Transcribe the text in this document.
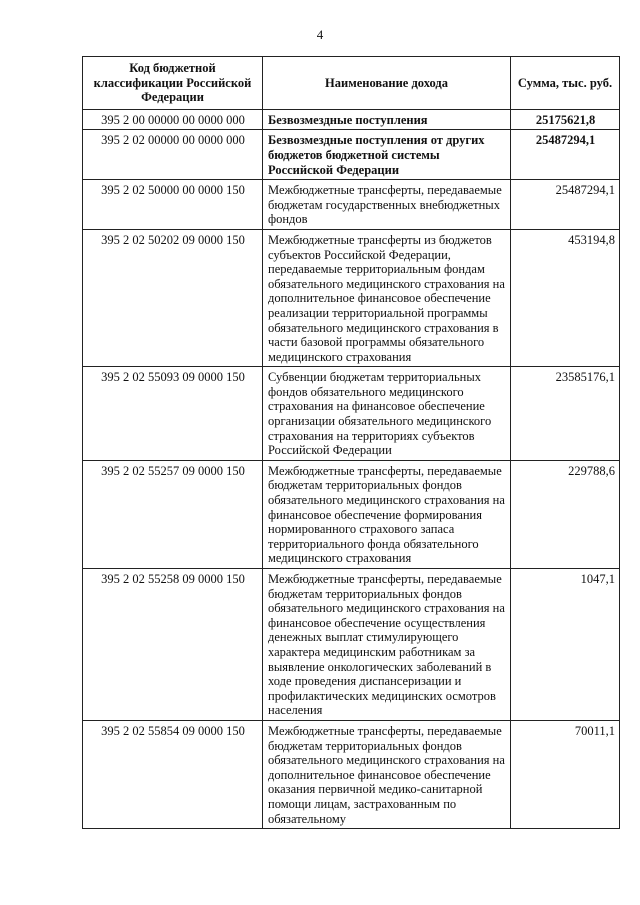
4
Код бюджетной классификации Российской Федерации	Наименование дохода	Сумма, тыс. руб.
395 2 00 00000 00 0000 000	Безвозмездные поступления	25175621,8
395 2 02 00000 00 0000 000	Безвозмездные поступления от других бюджетов бюджетной системы Российской Федерации	25487294,1
395 2 02 50000 00 0000 150	Межбюджетные трансферты, передаваемые бюджетам государственных внебюджетных фондов	25487294,1
395 2 02 50202 09 0000 150	Межбюджетные трансферты из бюджетов субъектов Российской Федерации, передаваемые территориальным фондам обязательного медицинского страхования на дополнительное финансовое обеспечение реализации территориальной программы обязательного медицинского страхования в части базовой программы обязательного медицинского страхования	453194,8
395 2 02 55093 09 0000 150	Субвенции бюджетам территориальных фондов обязательного медицинского страхования на финансовое обеспечение организации обязательного медицинского страхования на территориях субъектов Российской Федерации	23585176,1
395 2 02 55257 09 0000 150	Межбюджетные трансферты, передаваемые бюджетам территориальных фондов обязательного медицинского страхования на финансовое обеспечение формирования нормированного страхового запаса территориального фонда обязательного медицинского страхования	229788,6
395 2 02 55258 09 0000 150	Межбюджетные трансферты, передаваемые бюджетам территориальных фондов обязательного медицинского страхования на финансовое обеспечение осуществления денежных выплат стимулирующего характера медицинским работникам за выявление онкологических заболеваний в ходе проведения диспансеризации и профилактических медицинских осмотров населения	1047,1
395 2 02 55854 09 0000 150	Межбюджетные трансферты, передаваемые бюджетам территориальных фондов обязательного медицинского страхования на дополнительное финансовое обеспечение оказания первичной медико-санитарной помощи лицам, застрахованным по обязательному	70011,1
